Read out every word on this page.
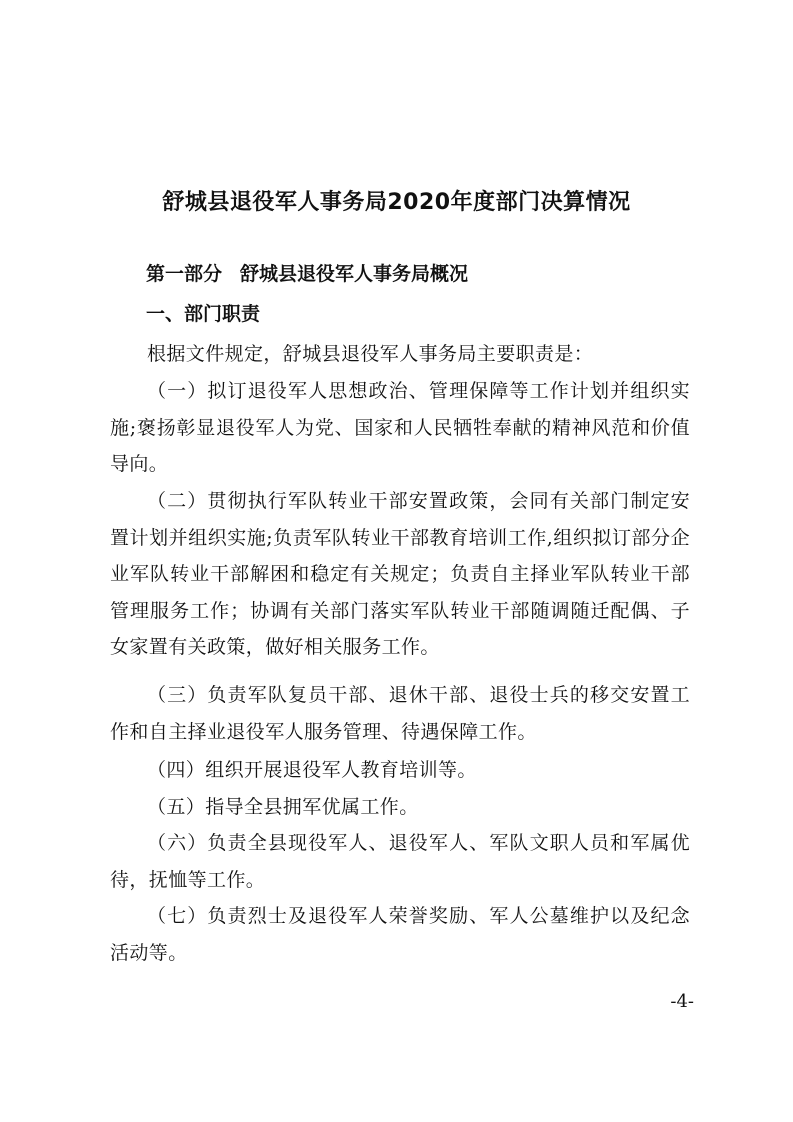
舒城县退役军人事务局2020年度部门决算情况
第一部分 舒城县退役军人事务局概况
一、部门职责

根据文件规定，舒城县退役军人事务局主要职责是：

（一）拟订退役军人思想政治、管理保障等工作计划并组织实施;褒扬彰显退役军人为党、国家和人民牺牲奉献的精神风范和价值导向。

（二）贯彻执行军队转业干部安置政策，会同有关部门制定安置计划并组织实施;负责军队转业干部教育培训工作,组织拟订部分企业军队转业干部解困和稳定有关规定；负责自主择业军队转业干部管理服务工作；协调有关部门落实军队转业干部随调随迁配偶、子女家置有关政策，做好相关服务工作。

（三）负责军队复员干部、退休干部、退役士兵的移交安置工作和自主择业退役军人服务管理、待遇保障工作。

（四）组织开展退役军人教育培训等。

（五）指导全县拥军优属工作。

（六）负责全县现役军人、退役军人、军队文职人员和军属优待，抚恤等工作。

（七）负责烈士及退役军人荣誉奖励、军人公墓维护以及纪念活动等。

-4-
